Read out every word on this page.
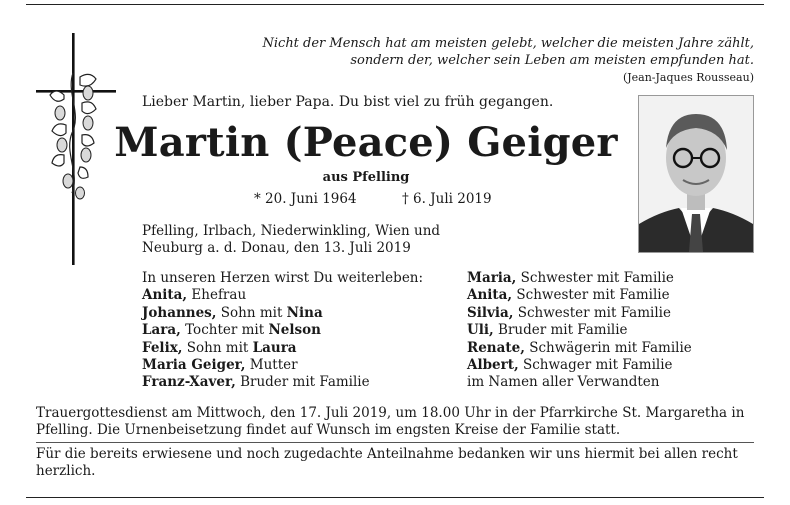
Nicht der Mensch hat am meisten gelebt, welcher die meisten Jahre zählt,
sondern der, welcher sein Leben am meisten empfunden hat.
(Jean-Jaques Rousseau)
Lieber Martin, lieber Papa. Du bist viel zu früh gegangen.
Martin (Peace) Geiger
aus Pfelling
* 20. Juni 1964	† 6. Juli 2019
Pfelling, Irlbach, Niederwinkling, Wien und
Neuburg a. d. Donau, den 13. Juli 2019
In unseren Herzen wirst Du weiterleben:
Anita, Ehefrau
Johannes, Sohn mit Nina
Lara, Tochter mit Nelson
Felix, Sohn mit Laura
Maria Geiger, Mutter
Franz-Xaver, Bruder mit Familie
Maria, Schwester mit Familie
Anita, Schwester mit Familie
Silvia, Schwester mit Familie
Uli, Bruder mit Familie
Renate, Schwägerin mit Familie
Albert, Schwager mit Familie
im Namen aller Verwandten
Trauergottesdienst am Mittwoch, den 17. Juli 2019, um 18.00 Uhr in der Pfarrkirche St. Margaretha in Pfelling. Die Urnenbeisetzung findet auf Wunsch im engsten Kreise der Familie statt.
Für die bereits erwiesene und noch zugedachte Anteilnahme bedanken wir uns hiermit bei allen recht herzlich.
